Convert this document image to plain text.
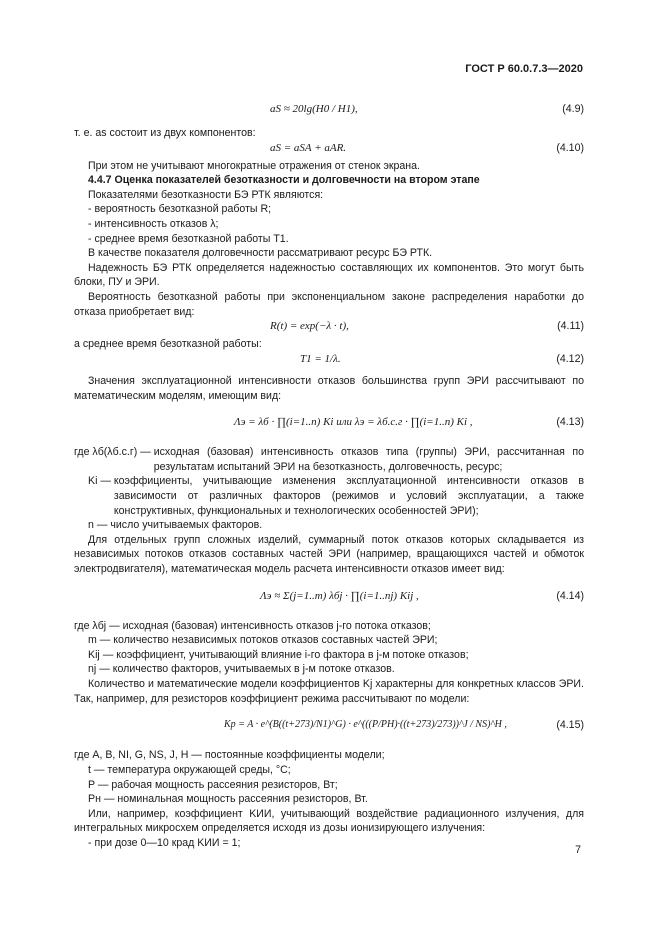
ГОСТ Р 60.0.7.3—2020
aS ≈ 20lg(H0 / H1),	(4.9)

т. е. as состоит из двух компонентов:

aS = aSA + aAR.	(4.10)

При этом не учитывают многократные отражения от стенок экрана.

4.4.7 Оценка показателей безотказности и долговечности на втором этапе

Показателями безотказности БЭ РТК являются:

- вероятность безотказной работы R;

- интенсивность отказов λ;

- среднее время безотказной работы T1.

В качестве показателя долговечности рассматривают ресурс БЭ РТК.

Надежность БЭ РТК определяется надежностью составляющих их компонентов. Это могут быть блоки, ПУ и ЭРИ.

Вероятность безотказной работы при экспоненциальном законе распределения наработки до отказа приобретает вид:

R(t) = exp(−λ · t),	(4.11)

а среднее время безотказной работы:

T1 = 1/λ.	(4.12)

Значения эксплуатационной интенсивности отказов большинства групп ЭРИ рассчитывают по математическим моделям, имеющим вид:

Λэ = λб · ∏(i=1..n) Ki или λэ = λб.с.г · ∏(i=1..n) Ki ,	(4.13)
где λб(λб.с.г) — исходная (базовая) интенсивность отказов типа (группы) ЭРИ, рассчитанная по результатам испытаний ЭРИ на безотказность, долговечность, ресурс;
Ki — коэффициенты, учитывающие изменения эксплуатационной интенсивности отказов в зависимости от различных факторов (режимов и условий эксплуатации, а также конструктивных, функциональных и технологических особенностей ЭРИ);

n — число учитываемых факторов.

Для отдельных групп сложных изделий, суммарный поток отказов которых складывается из независимых потоков отказов составных частей ЭРИ (например, вращающихся частей и обмоток электродвигателя), математическая модель расчета интенсивности отказов имеет вид:

Λэ ≈ Σ(j=1..m) λбj · ∏(i=1..nj) Kij ,	(4.14)

где λбj — исходная (базовая) интенсивность отказов j-го потока отказов;

m — количество независимых потоков отказов составных частей ЭРИ;

Kij — коэффициент, учитывающий влияние i-го фактора в j-м потоке отказов;

nj — количество факторов, учитываемых в j-м потоке отказов.

Количество и математические модели коэффициентов Kj характерны для конкретных классов ЭРИ. Так, например, для резисторов коэффициент режима рассчитывают по модели:

Kp = A · e^(B((t+273)/N1)^G) · e^(((P/PH)·((t+273)/273))^J / NS)^H ,	(4.15)

где A, B, NI, G, NS, J, H — постоянные коэффициенты модели;

t — температура окружающей среды, °C;

P — рабочая мощность рассеяния резисторов, Вт;

Pн — номинальная мощность рассеяния резисторов, Вт.

Или, например, коэффициент KИИ, учитывающий воздействие радиационного излучения, для интегральных микросхем определяется исходя из дозы ионизирующего излучения:

- при дозе 0—10 крад KИИ = 1;

7
